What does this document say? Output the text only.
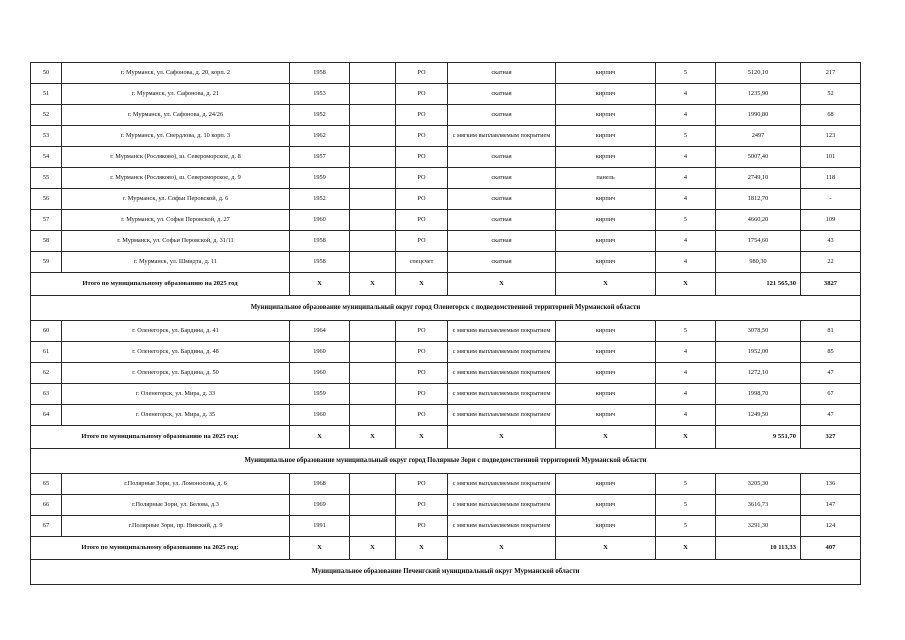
50	г. Мурманск, ул. Сафонова, д. 20, корп. 2	1958		РО	скатная	кирпич	5	5120,10	217
51	г. Мурманск, ул. Сафонова, д. 21	1953		РО	скатная	кирпич	4	1235,90	52
52	г. Мурманск, ул. Сафонова, д. 24/26	1952		РО	скатная	кирпич	4	1990,80	68
53	г. Мурманск, ул. Свердлова, д. 10 корп. 3	1962		РО	с мягким выплавляемым покрытием	кирпич	5	2497	123
54	г. Мурманск (Росляково), ш. Североморское, д. 8	1957		РО	скатная	кирпич	4	5007,40	101
55	г. Мурманск (Росляково), ш. Североморское, д. 9	1959		РО	скатная	панель	4	2749,10	118
56	г. Мурманск, ул. Софьи Перовской, д. 6	1952		РО	скатная	кирпич	4	1812,70	-
57	г. Мурманск, ул. Софьи Перовской, д. 27	1960		РО	скатная	кирпич	5	4660,20	109
58	г. Мурманск, ул. Софьи Перовской, д. 31/11	1958		РО	скатная	кирпич	4	1754,60	43
59	г. Мурманск, ул. Шмидта, д. 11	1958		спецсчет	скатная	кирпич	4	980,30	22
Итого по муниципальному образованию на 2025 год		X	X	X	X	X	X	121 565,30	3827
Муниципальное образование муниципальный округ город Оленегорск с подведомственной территорией Мурманской области									
60	г. Оленегорск, ул. Бардина, д. 41	1964		РО	с мягким выплавляемым покрытием	кирпич	5	3078,50	81
61	г. Оленегорск, ул. Бардина, д. 48	1960		РО	с мягким выплавляемым покрытием	кирпич	4	1952,00	85
62	г. Оленегорск, ул. Бардина, д. 50	1960		РО	с мягким выплавляемым покрытием	кирпич	4	1272,10	47
63	г. Оленегорск, ул. Мира, д. 33	1959		РО	с мягким выплавляемым покрытием	кирпич	4	1998,70	67
64	г. Оленегорск, ул. Мира, д. 35	1960		РО	с мягким выплавляемым покрытием	кирпич	4	1249,50	47
Итого по муниципальному образованию на 2025 год:		X	X	X	X	X	X	9 551,70	327
Муниципальное образование муниципальный округ город Полярные Зори с подведомственной территорией Мурманской области									
65	г.Полярные Зори, ул. Ломоносова, д. 6	1968		РО	с мягким выплавляемым покрытием	кирпич	5	3205,30	136
66	г.Полярные Зори, ул. Белова, д.3	1969		РО	с мягким выплавляемым покрытием	кирпич	5	3616,73	147
67	г.Полярные Зори, пр. Нивский, д. 9	1991		РО	с мягким выплавляемым покрытием	кирпич	5	3291,30	124
Итого по муниципальному образованию на 2025 год:		X	X	X	X	X	X	10 113,33	407
Муниципальное образование Печенгский муниципальный округ Мурманской области									
